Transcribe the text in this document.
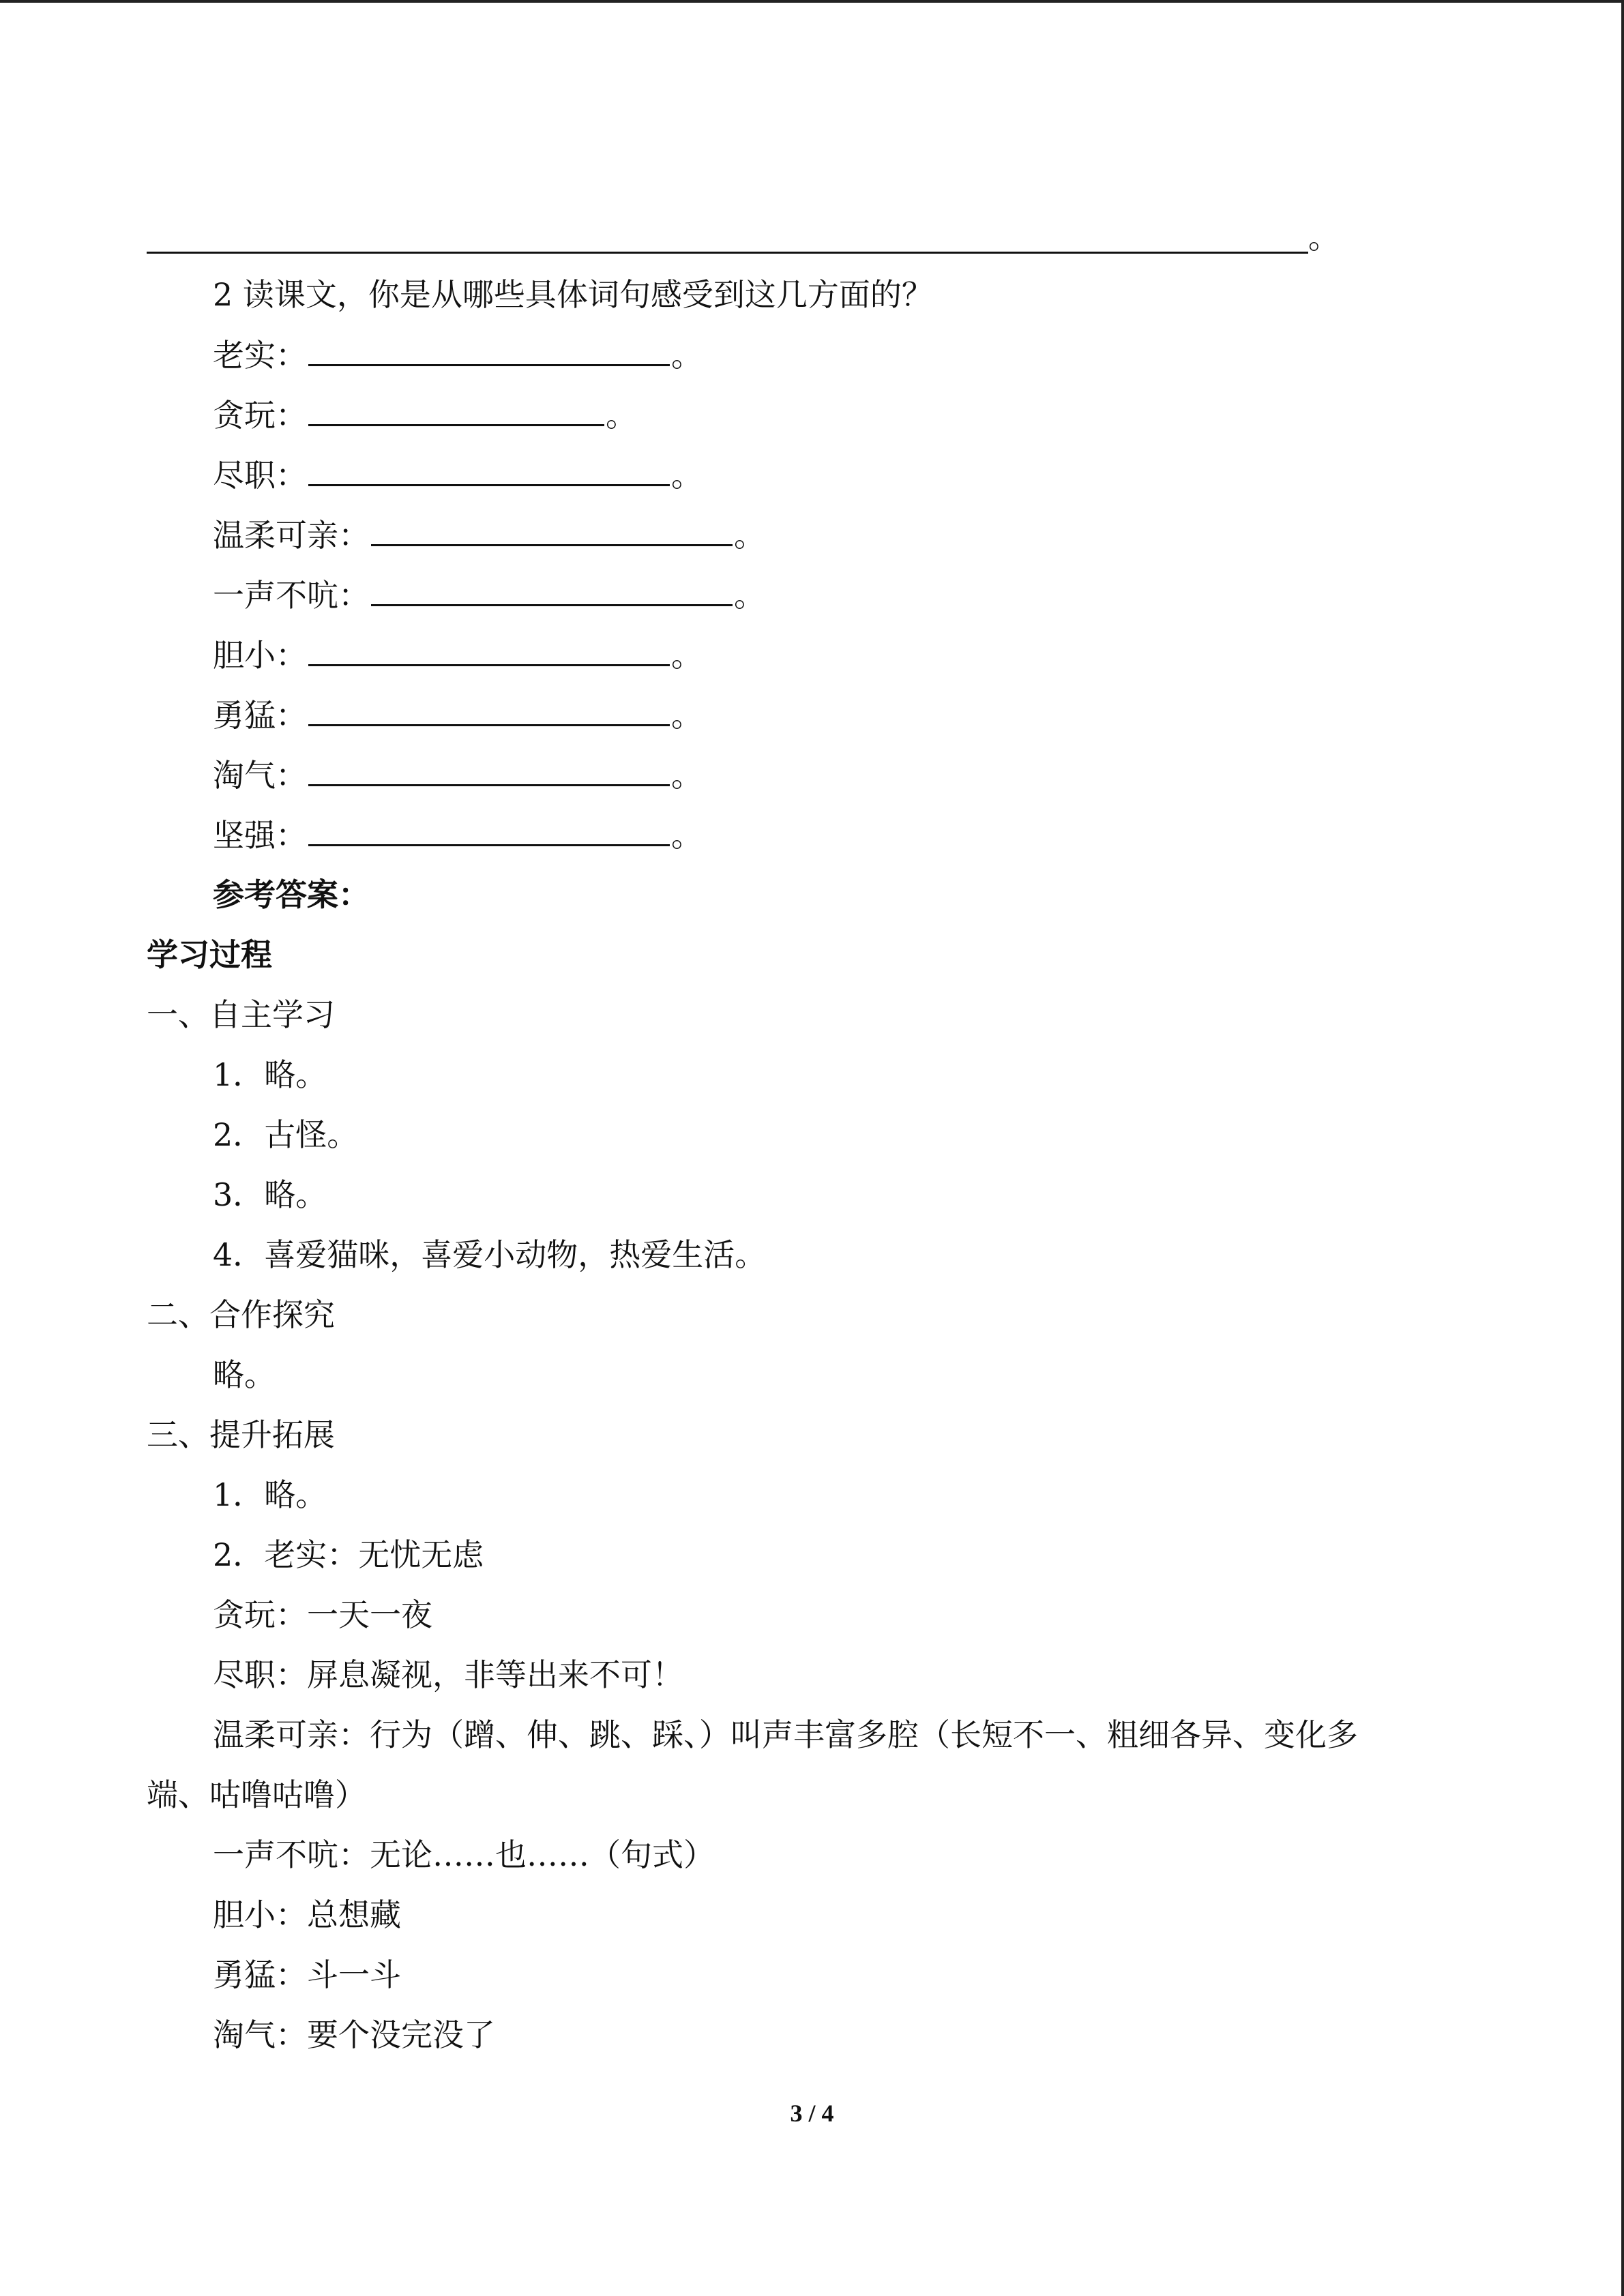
。
2 读课文，你是从哪些具体词句感受到这几方面的？
老实：	。
贪玩：	。
尽职：	。
温柔可亲：	。
一声不吭：	。
胆小：	。
勇猛：	。
淘气：	。
坚强：	。
参考答案：
学习过程
一、自主学习
1．略。
2．古怪。
3．略。
4．喜爱猫咪，喜爱小动物，热爱生活。
二、合作探究
略。
三、提升拓展
1．略。
2．老实：无忧无虑
贪玩：一天一夜
尽职：屏息凝视，非等出来不可！
温柔可亲：行为（蹭、伸、跳、踩、）叫声丰富多腔（长短不一、粗细各异、变化多
端、咕噜咕噜）
一声不吭：无论……也……（句式）
胆小：总想藏
勇猛：斗一斗
淘气：要个没完没了
3 / 4
